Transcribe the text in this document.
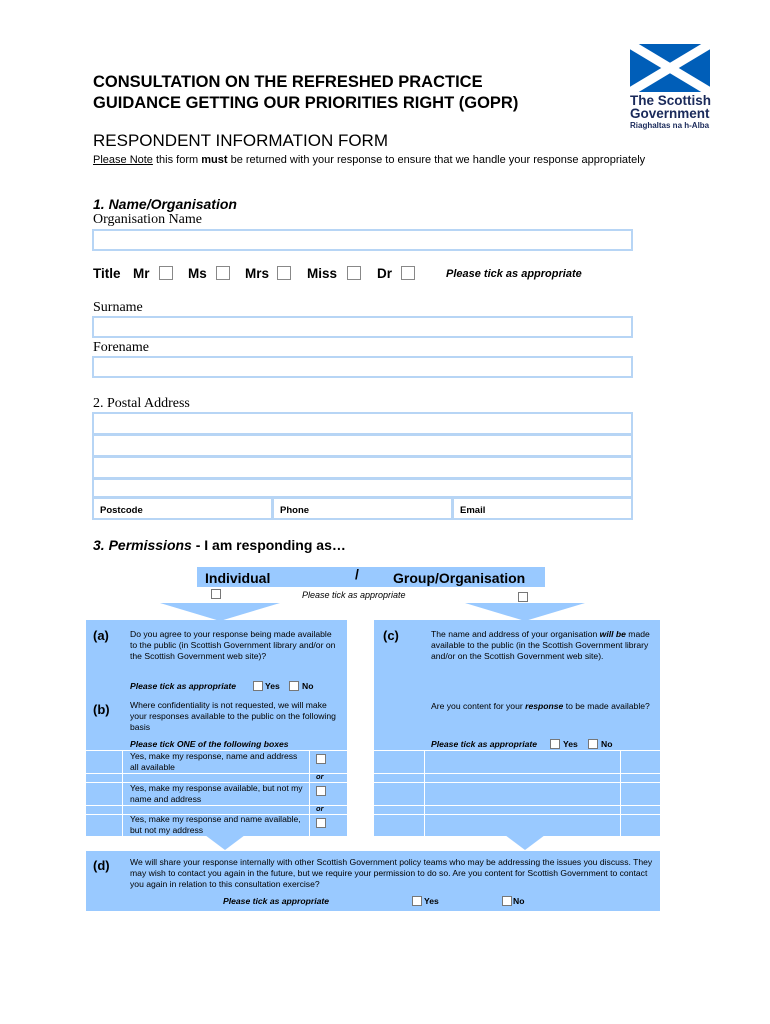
CONSULTATION ON THE REFRESHED PRACTICE
GUIDANCE GETTING OUR PRIORITIES RIGHT (GOPR)	The Scottish
Government
Riaghaltas na h-Alba
RESPONDENT INFORMATION FORM
Please Note this form must be returned with your response to ensure that we handle your response appropriately
1. Name/Organisation
Organisation Name
Title Mr	Ms	Mrs	Miss	Dr	Please tick as appropriate
Surname
Forename
2. Postal Address
Postcode	Phone	Email
3. Permissions - I am responding as…
Individual	/ Group/Organisation
Please tick as appropriate
(a) Do you agree to your response being made available to the public (in Scottish Government library and/or on the Scottish Government web site)?
Please tick as appropriate	Yes	No
(b) Where confidentiality is not requested, we will make your responses available to the public on the following basis
Please tick ONE of the following boxes
Yes, make my response, name and address all available
or
Yes, make my response available, but not my name and address
or
Yes, make my response and name available, but not my address
(c)	The name and address of your organisation will be made available to the public (in the Scottish Government library and/or on the Scottish Government web site).
Are you content for your response to be made available?
Please tick as appropriate	Yes	No
(d) We will share your response internally with other Scottish Government policy teams who may be addressing the issues you discuss. They may wish to contact you again in the future, but we require your permission to do so. Are you content for Scottish Government to contact you again in relation to this consultation exercise?
Please tick as appropriate	Yes	No
